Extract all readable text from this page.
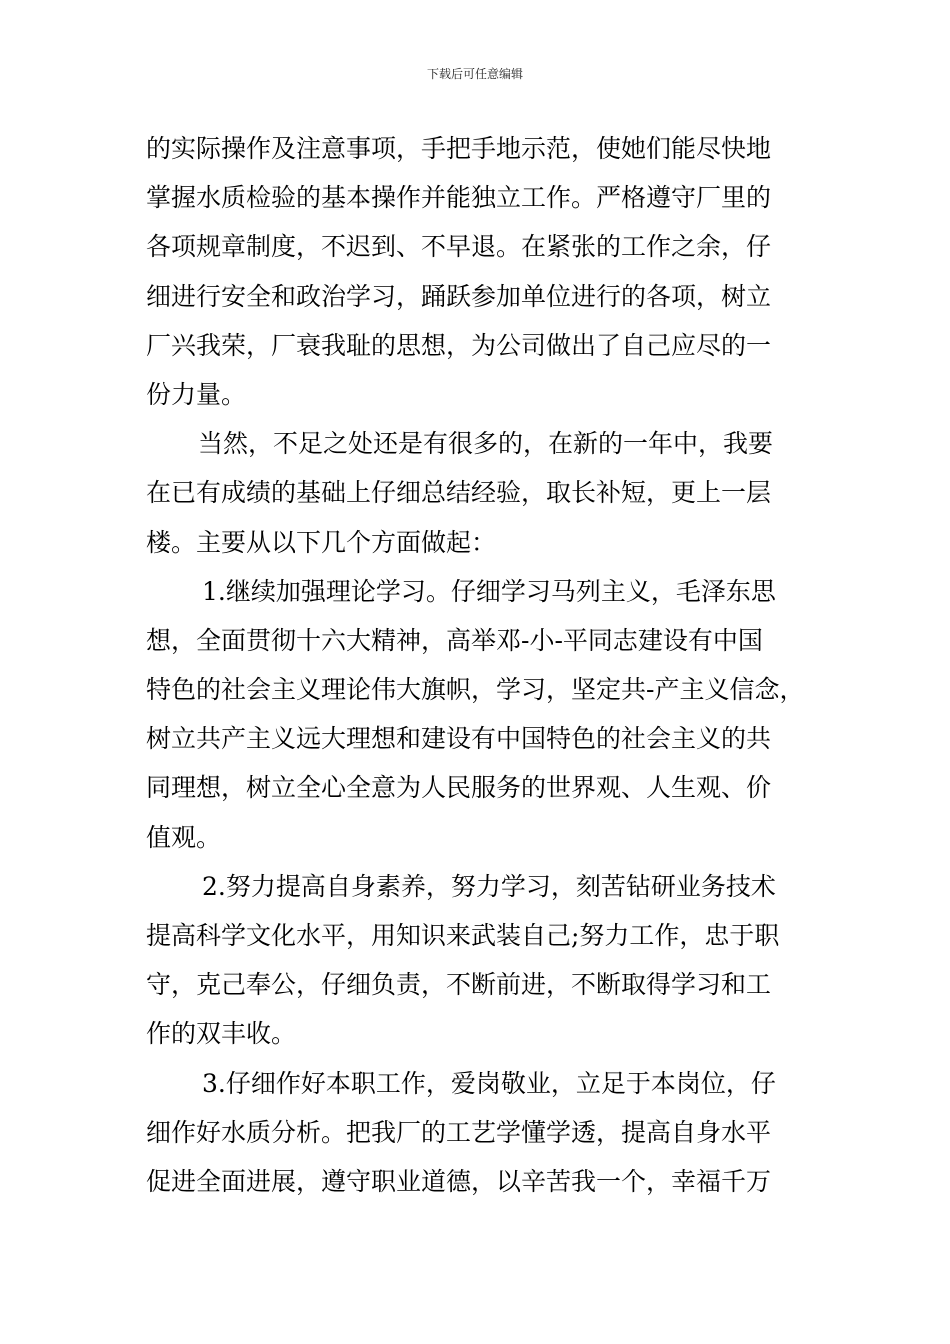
下载后可任意编辑
的实际操作及注意事项，手把手地示范，使她们能尽快地
掌握水质检验的基本操作并能独立工作。严格遵守厂里的
各项规章制度，不迟到、不早退。在紧张的工作之余，仔
细进行安全和政治学习，踊跃参加单位进行的各项，树立
厂兴我荣，厂衰我耻的思想，为公司做出了自己应尽的一
份力量。
当然，不足之处还是有很多的，在新的一年中，我要
在已有成绩的基础上仔细总结经验，取长补短，更上一层
楼。主要从以下几个方面做起：
1.继续加强理论学习。仔细学习马列主义，毛泽东思
想，全面贯彻十六大精神，高举邓-小-平同志建设有中国
特色的社会主义理论伟大旗帜，学习，坚定共-产主义信念，
树立共产主义远大理想和建设有中国特色的社会主义的共
同理想，树立全心全意为人民服务的世界观、人生观、价
值观。
2.努力提高自身素养，努力学习，刻苦钻研业务技术
提高科学文化水平，用知识来武装自己;努力工作，忠于职
守，克己奉公，仔细负责，不断前进，不断取得学习和工
作的双丰收。
3.仔细作好本职工作，爱岗敬业，立足于本岗位，仔
细作好水质分析。把我厂的工艺学懂学透，提高自身水平
促进全面进展，遵守职业道德，以辛苦我一个，幸福千万
